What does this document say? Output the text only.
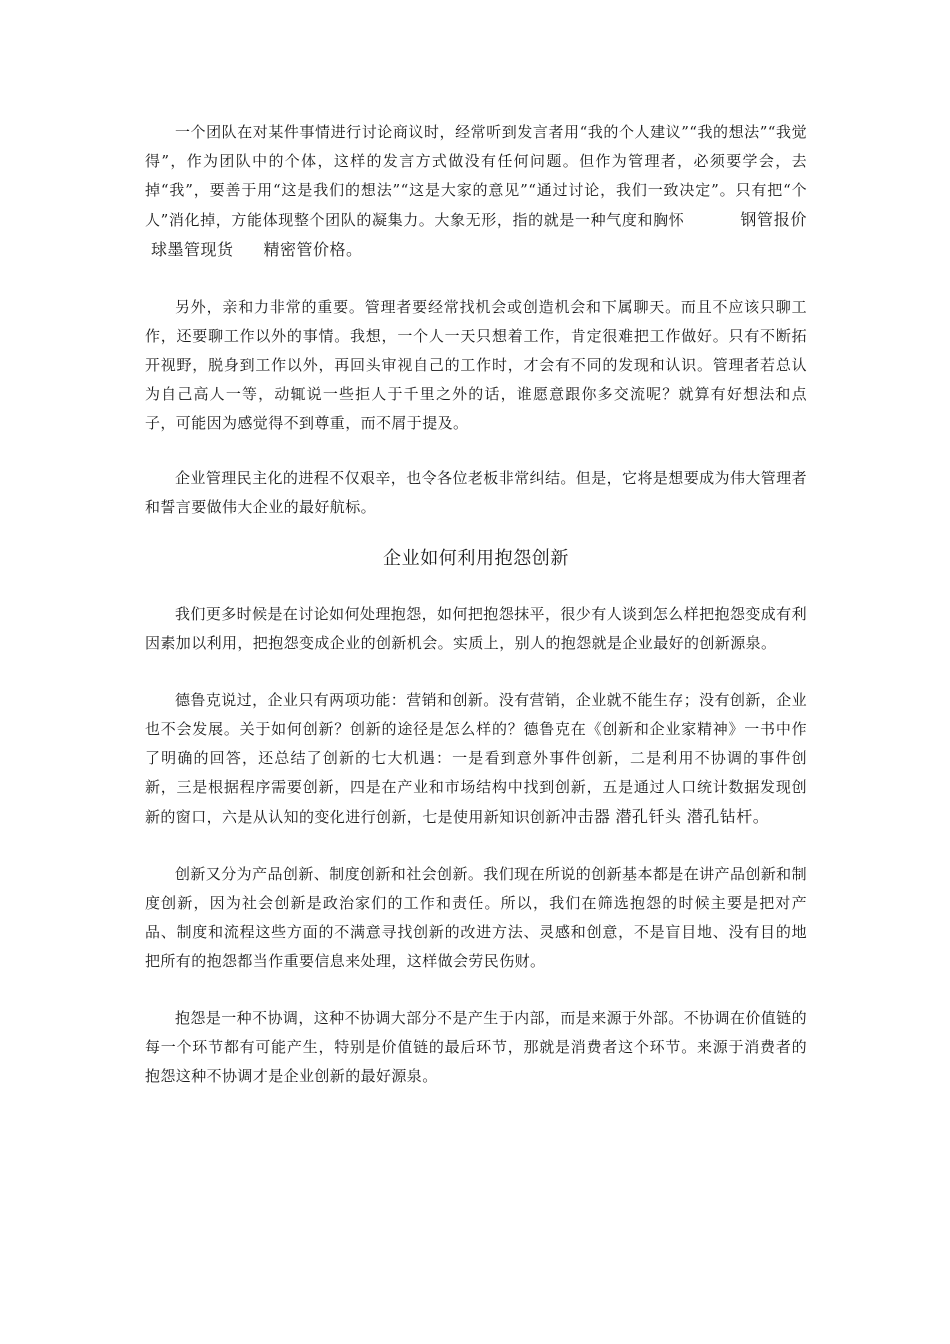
一个团队在对某件事情进行讨论商议时，经常听到发言者用“我的个人建议”“我的想法”“我觉得”，作为团队中的个体，这样的发言方式做没有任何问题。但作为管理者，必须要学会，去掉“我”，要善于用“这是我们的想法”“这是大家的意见”“通过讨论，我们一致决定”。只有把“个人”消化掉，方能体现整个团队的凝集力。大象无形，指的就是一种气度和胸怀	钢管报价球墨管现货 精密管价格。

另外，亲和力非常的重要。管理者要经常找机会或创造机会和下属聊天。而且不应该只聊工作，还要聊工作以外的事情。我想，一个人一天只想着工作，肯定很难把工作做好。只有不断拓开视野，脱身到工作以外，再回头审视自己的工作时，才会有不同的发现和认识。管理者若总认为自己高人一等，动辄说一些拒人于千里之外的话，谁愿意跟你多交流呢？就算有好想法和点子，可能因为感觉得不到尊重，而不屑于提及。

企业管理民主化的进程不仅艰辛，也令各位老板非常纠结。但是，它将是想要成为伟大管理者和誓言要做伟大企业的最好航标。

企业如何利用抱怨创新

我们更多时候是在讨论如何处理抱怨，如何把抱怨抹平，很少有人谈到怎么样把抱怨变成有利因素加以利用，把抱怨变成企业的创新机会。实质上，别人的抱怨就是企业最好的创新源泉。

德鲁克说过，企业只有两项功能：营销和创新。没有营销，企业就不能生存；没有创新，企业也不会发展。关于如何创新？创新的途径是怎么样的？德鲁克在《创新和企业家精神》一书中作了明确的回答，还总结了创新的七大机遇：一是看到意外事件创新，二是利用不协调的事件创新，三是根据程序需要创新，四是在产业和市场结构中找到创新，五是通过人口统计数据发现创新的窗口，六是从认知的变化进行创新，七是使用新知识创新冲击器 潜孔钎头 潜孔钻杆。

创新又分为产品创新、制度创新和社会创新。我们现在所说的创新基本都是在讲产品创新和制度创新，因为社会创新是政治家们的工作和责任。所以，我们在筛选抱怨的时候主要是把对产品、制度和流程这些方面的不满意寻找创新的改进方法、灵感和创意，不是盲目地、没有目的地把所有的抱怨都当作重要信息来处理，这样做会劳民伤财。

抱怨是一种不协调，这种不协调大部分不是产生于内部，而是来源于外部。不协调在价值链的每一个环节都有可能产生，特别是价值链的最后环节，那就是消费者这个环节。来源于消费者的抱怨这种不协调才是企业创新的最好源泉。
